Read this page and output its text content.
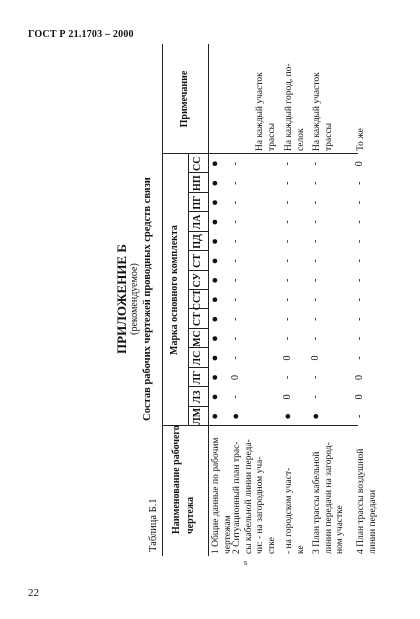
ГОСТ Р 21.1703 – 2000
ПРИЛОЖЕНИЕ Б (рекомендуемое) Состав рабочих чертежей проводных средств связи
Таблица Б.1 Наименование рабочего чертежа
Марка основного комплекта
Примечание
ЛМ
ЛЗ
ЛГ
ЛС
МС
СТ
ССТ
СУ
СТ
ПД
ЛА
ПГ
НП
СС
1 Общие данные по рабочим чертежам
●
●
●
●
●
●
●
●
●
●
●
●
●
●
2 Ситуационный план трас- сы кабельной линии переда- чи: - на загородном уча- стке
●
-
0
-
-
-
-
-
-
-
-
-
-
-
На каждый участок трассы
- на городском участ- ке
●
0
-
0
-
-
-
-
-
-
-
-
-
-
На каждый город, по- селок
3 План трассы кабельной линии передачи на загород- ном участке
●
-
-
0
-
-
-
-
-
-
-
-
-
-
На каждый участок трассы
4 План трассы воздушной линии передачи
-
0
0
-
-
-
-
-
-
-
-
-
-
0
То же
s
22
